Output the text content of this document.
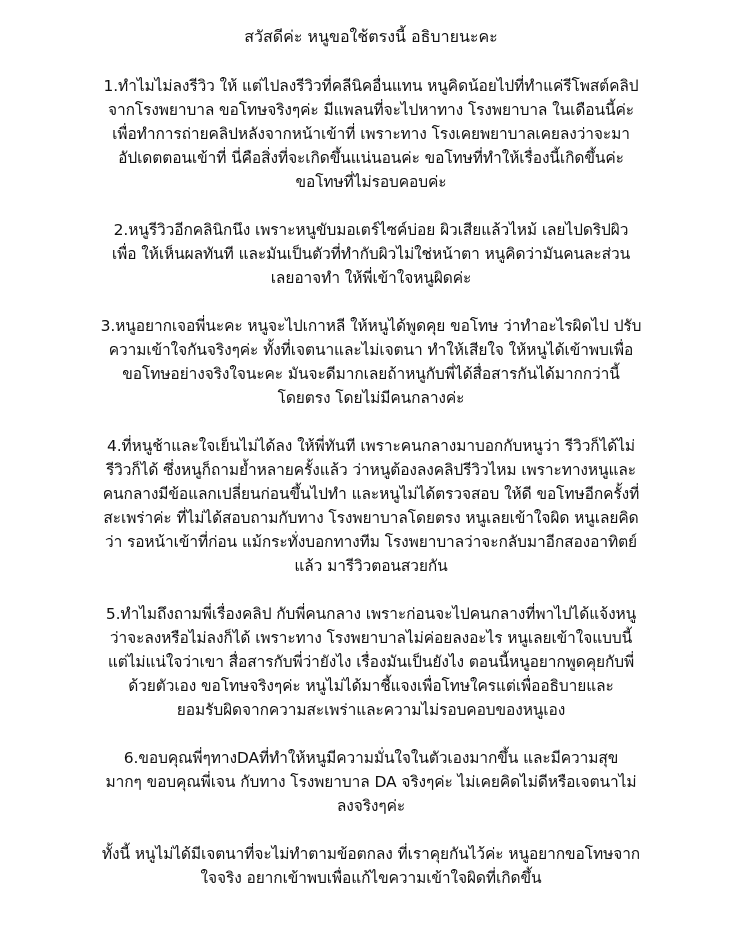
สวัสดีค่ะ หนูขอใช้ตรงนี้ อธิบายนะคะ
1.ทำไมไม่ลงรีวิว ให้ แต่ไปลงรีวิวที่คลีนิคอื่นแทน หนูคิดน้อยไปที่ทำแค่รีโพสต์คลิป
จากโรงพยาบาล ขอโทษจริงๆค่ะ มีแพลนที่จะไปหาทาง โรงพยาบาล ในเดือนนี้ค่ะ
เพื่อทำการถ่ายคลิปหลังจากหน้าเข้าที่ เพราะทาง โรงเคยพยาบาลเคยลงว่าจะมา
อัปเดตตอนเข้าที่ นี่คือสิ่งที่จะเกิดขึ้นแน่นอนค่ะ ขอโทษที่ทำให้เรื่องนี้เกิดขึ้นค่ะ
ขอโทษที่ไม่รอบคอบค่ะ
2.หนูรีวิวอีกคลินิกนึง เพราะหนูขับมอเตร์ไซค์บ่อย ผิวเสียแล้วไหม้ เลยไปดริปผิว
เพื่อ ให้เห็นผลทันที และมันเป็นตัวที่ทำกับผิวไม่ใช่หน้าตา หนูคิดว่ามันคนละส่วน
เลยอาจทำ ให้พี่เข้าใจหนูผิดค่ะ
3.หนูอยากเจอพี่นะคะ หนูจะไปเกาหลี ให้หนูได้พูดคุย ขอโทษ ว่าทำอะไรผิดไป ปรับ
ความเข้าใจกันจริงๆค่ะ ทั้งที่เจตนาและไม่เจตนา ทำให้เสียใจ ให้หนูได้เข้าพบเพื่อ
ขอโทษอย่างจริงใจนะคะ มันจะดีมากเลยถ้าหนูกับพี่ได้สื่อสารกันได้มากกว่านี้
โดยตรง โดยไม่มีคนกลางค่ะ
4.ที่หนูช้าและใจเย็นไม่ได้ลง ให้พี่ทันที เพราะคนกลางมาบอกกับหนูว่า รีวิวก็ได้ไม่
รีวิวก็ได้ ซึ่งหนูก็ถามย้ำหลายครั้งแล้ว ว่าหนูต้องลงคลิปรีวิวไหม เพราะทางหนูและ
คนกลางมีข้อแลกเปลี่ยนก่อนขึ้นไปทำ และหนูไม่ได้ตรวจสอบ ให้ดี ขอโทษอีกครั้งที่
สะเพร่าค่ะ ที่ไม่ได้สอบถามกับทาง โรงพยาบาลโดยตรง หนูเลยเข้าใจผิด หนูเลยคิด
ว่า รอหน้าเข้าที่ก่อน แม้กระทั่งบอกทางทีม โรงพยาบาลว่าจะกลับมาอีกสองอาทิตย์
แล้ว มารีวิวตอนสวยกัน
5.ทำไมถึงถามพี่เรื่องคลิป กับพี่คนกลาง เพราะก่อนจะไปคนกลางที่พาไปได้แจ้งหนู
ว่าจะลงหรือไม่ลงก็ได้ เพราะทาง โรงพยาบาลไม่ค่อยลงอะไร หนูเลยเข้าใจแบบนี้
แต่ไม่แน่ใจว่าเขา สื่อสารกับพี่ว่ายังไง เรื่องมันเป็นยังไง ตอนนี้หนูอยากพูดคุยกับพี่
ด้วยตัวเอง ขอโทษจริงๆค่ะ หนูไม่ได้มาชี้แจงเพื่อโทษใครแต่เพื่ออธิบายและ
ยอมรับผิดจากความสะเพร่าและความไม่รอบคอบของหนูเอง
6.ขอบคุณพี่ๆทางDAที่ทำให้หนูมีความมั่นใจในตัวเองมากขึ้น และมีความสุข
มากๆ ขอบคุณพี่เจน กับทาง โรงพยาบาล DA จริงๆค่ะ ไม่เคยคิดไม่ดีหรือเจตนาไม่
ลงจริงๆค่ะ
ทั้งนี้ หนูไม่ได้มีเจตนาที่จะไม่ทำตามข้อตกลง ที่เราคุยกันไว้ค่ะ หนูอยากขอโทษจาก
ใจจริง อยากเข้าพบเพื่อแก้ไขความเข้าใจผิดที่เกิดขึ้น
